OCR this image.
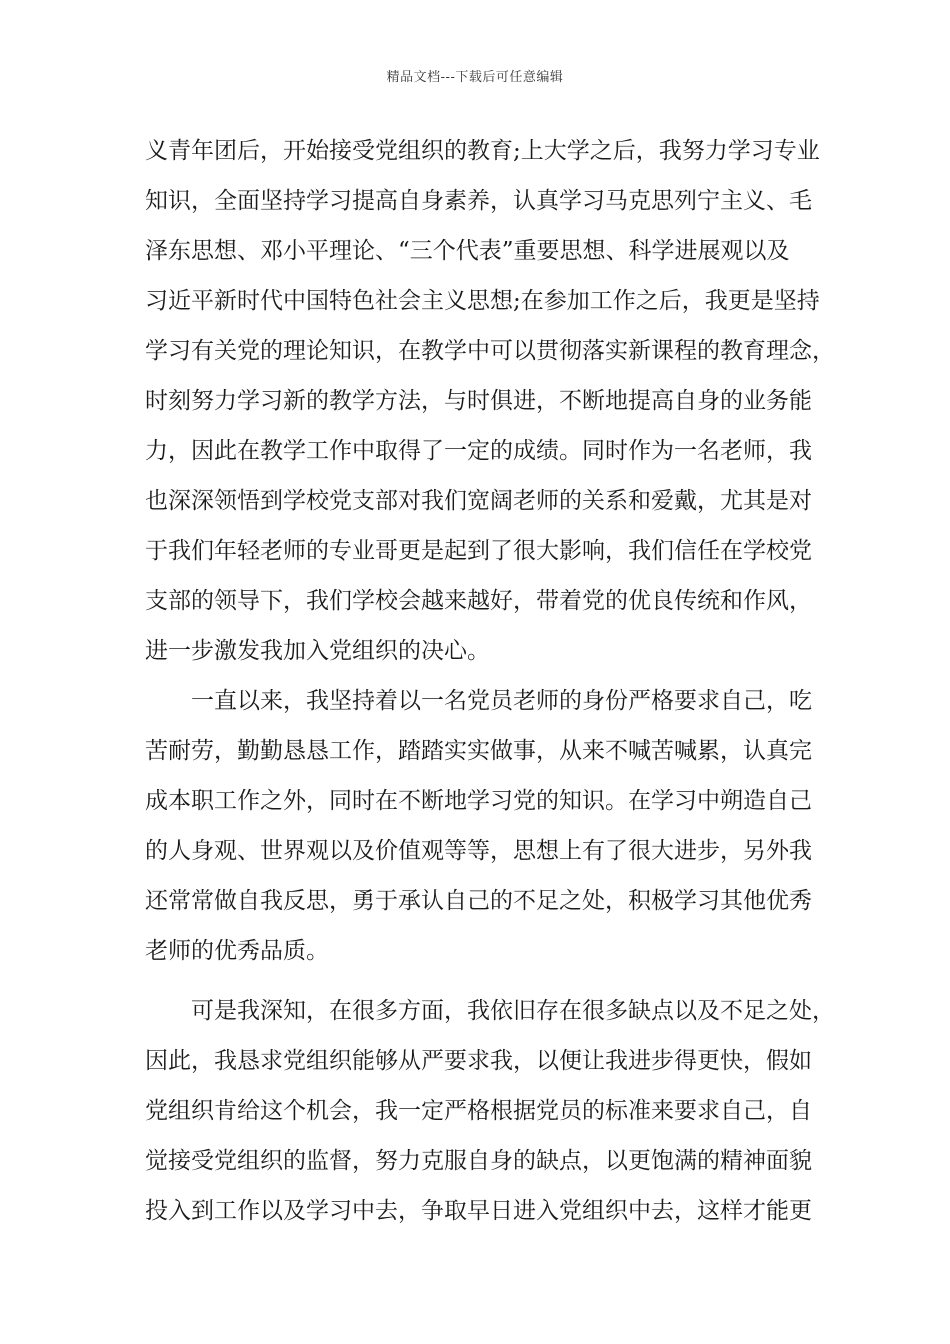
精品文档---下载后可任意编辑
义青年团后，开始接受党组织的教育;上大学之后，我努力学习专业
知识，全面坚持学习提高自身素养，认真学习马克思列宁主义、毛
泽东思想、邓小平理论、“三个代表”重要思想、科学进展观以及
习近平新时代中国特色社会主义思想;在参加工作之后，我更是坚持
学习有关党的理论知识，在教学中可以贯彻落实新课程的教育理念，
时刻努力学习新的教学方法，与时俱进，不断地提高自身的业务能
力，因此在教学工作中取得了一定的成绩。同时作为一名老师，我
也深深领悟到学校党支部对我们宽阔老师的关系和爱戴，尤其是对
于我们年轻老师的专业哥更是起到了很大影响，我们信任在学校党
支部的领导下，我们学校会越来越好，带着党的优良传统和作风，
进一步激发我加入党组织的决心。
　　一直以来，我坚持着以一名党员老师的身份严格要求自己，吃
苦耐劳，勤勤恳恳工作，踏踏实实做事，从来不喊苦喊累，认真完
成本职工作之外，同时在不断地学习党的知识。在学习中朔造自己
的人身观、世界观以及价值观等等，思想上有了很大进步，另外我
还常常做自我反思，勇于承认自己的不足之处，积极学习其他优秀
老师的优秀品质。
　　可是我深知，在很多方面，我依旧存在很多缺点以及不足之处，
因此，我恳求党组织能够从严要求我，以便让我进步得更快，假如
党组织肯给这个机会，我一定严格根据党员的标准来要求自己，自
觉接受党组织的监督，努力克服自身的缺点，以更饱满的精神面貌
投入到工作以及学习中去，争取早日进入党组织中去，这样才能更
